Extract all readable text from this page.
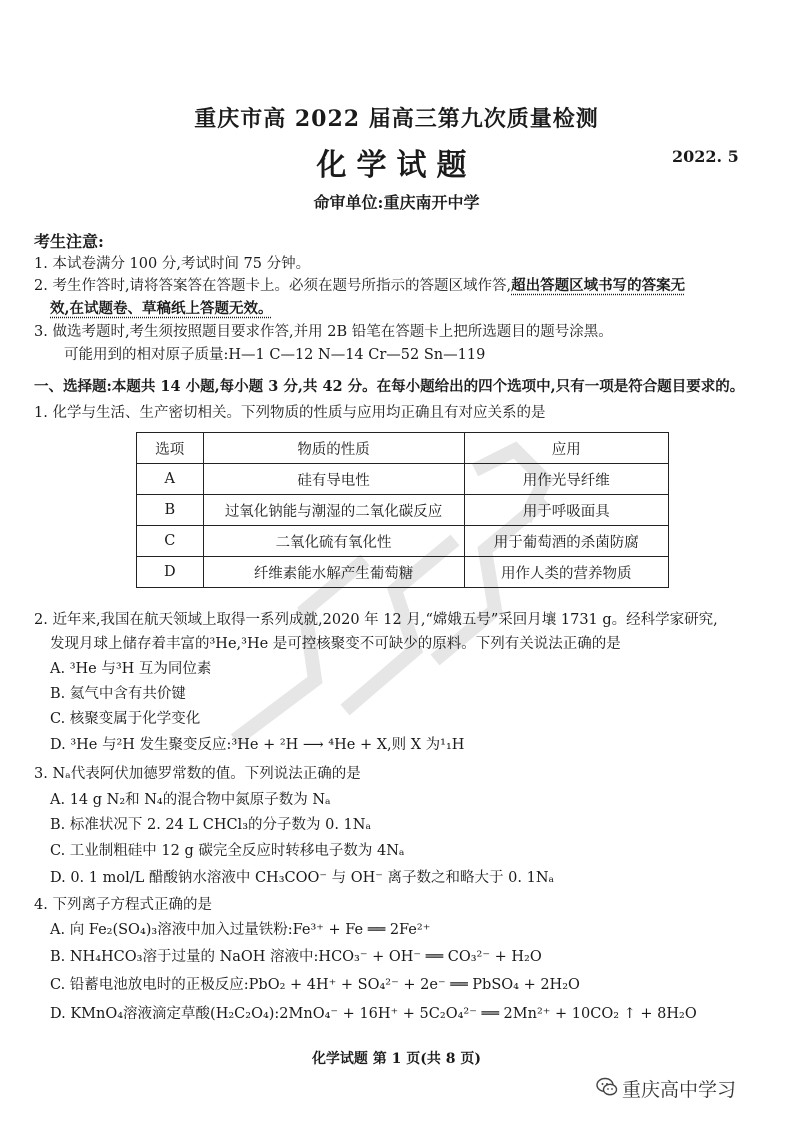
重庆市高 2022 届高三第九次质量检测
化学试题	2022. 5
命审单位:重庆南开中学
考生注意:
1. 本试卷满分 100 分,考试时间 75 分钟。
2. 考生作答时,请将答案答在答题卡上。必须在题号所指示的答题区域作答,超出答题区域书写的答案无
效,在试题卷、草稿纸上答题无效。
3. 做选考题时,考生须按照题目要求作答,并用 2B 铅笔在答题卡上把所选题目的题号涂黑。
可能用到的相对原子质量:H—1 C—12 N—14 Cr—52 Sn—119
一、选择题:本题共 14 小题,每小题 3 分,共 42 分。在每小题给出的四个选项中,只有一项是符合题目要求的。
1. 化学与生活、生产密切相关。下列物质的性质与应用均正确且有对应关系的是
选项	物质的性质	应用
A	硅有导电性	用作光导纤维
B	过氧化钠能与潮湿的二氧化碳反应	用于呼吸面具
C	二氧化硫有氧化性	用于葡萄酒的杀菌防腐
D	纤维素能水解产生葡萄糖	用作人类的营养物质
2. 近年来,我国在航天领域上取得一系列成就,2020 年 12 月,“嫦娥五号”采回月壤 1731 g。经科学家研究,
发现月球上储存着丰富的³He,³He 是可控核聚变不可缺少的原料。下列有关说法正确的是
A. ³He 与³H 互为同位素
B. 氦气中含有共价键
C. 核聚变属于化学变化
D. ³He 与²H 发生聚变反应:³He + ²H ⟶ ⁴He + X,则 X 为¹₁H
3. Nₐ代表阿伏加德罗常数的值。下列说法正确的是
A. 14 g N₂和 N₄的混合物中氮原子数为 Nₐ
B. 标准状况下 2. 24 L CHCl₃的分子数为 0. 1Nₐ
C. 工业制粗硅中 12 g 碳完全反应时转移电子数为 4Nₐ
D. 0. 1 mol/L 醋酸钠水溶液中 CH₃COO⁻ 与 OH⁻ 离子数之和略大于 0. 1Nₐ
4. 下列离子方程式正确的是
A. 向 Fe₂(SO₄)₃溶液中加入过量铁粉:Fe³⁺ + Fe ══ 2Fe²⁺
B. NH₄HCO₃溶于过量的 NaOH 溶液中:HCO₃⁻ + OH⁻ ══ CO₃²⁻ + H₂O
C. 铅蓄电池放电时的正极反应:PbO₂ + 4H⁺ + SO₄²⁻ + 2e⁻ ══ PbSO₄ + 2H₂O
D. KMnO₄溶液滴定草酸(H₂C₂O₄):2MnO₄⁻ + 16H⁺ + 5C₂O₄²⁻ ══ 2Mn²⁺ + 10CO₂ ↑ + 8H₂O
化学试题 第 1 页(共 8 页)
重庆高中学习
